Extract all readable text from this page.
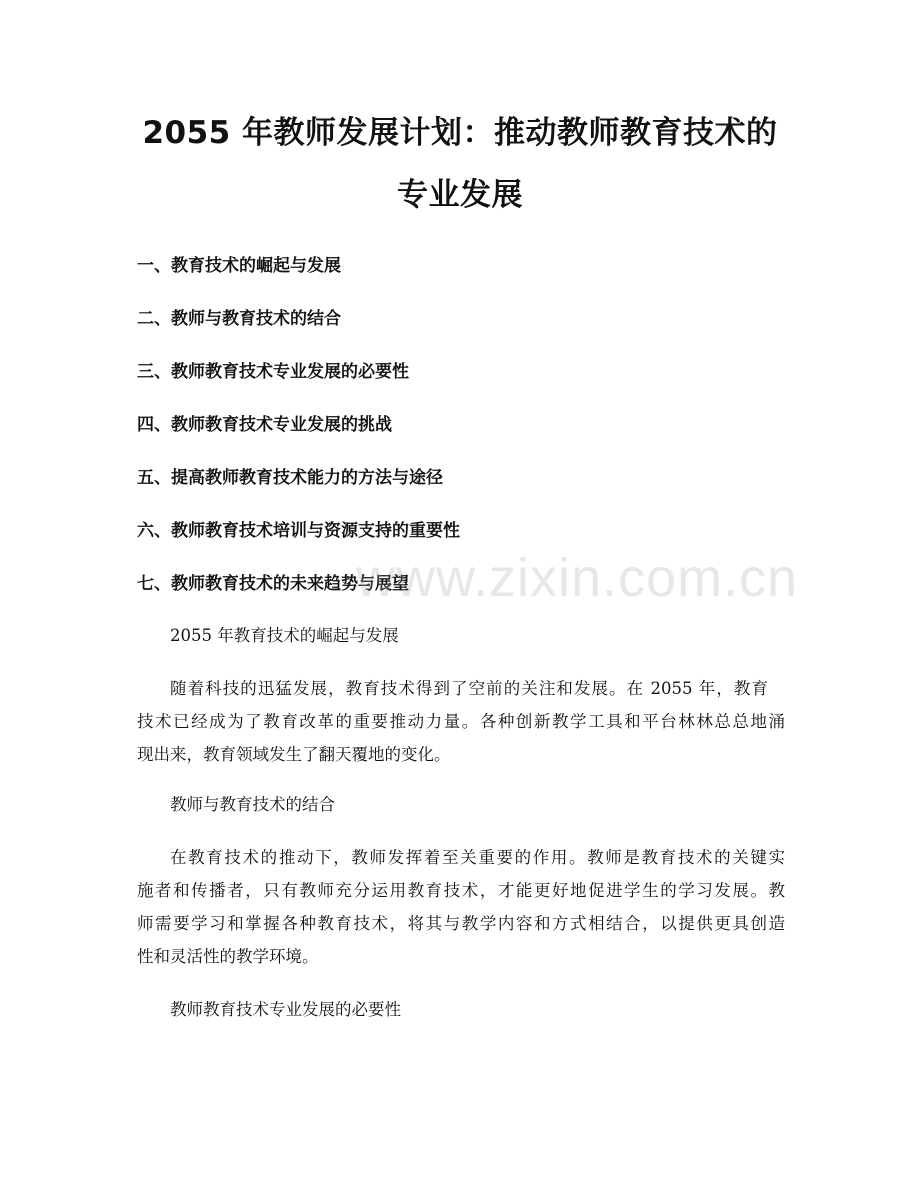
2055 年教师发展计划：推动教师教育技术的
专业发展
一、教育技术的崛起与发展
二、教师与教育技术的结合
三、教师教育技术专业发展的必要性
四、教师教育技术专业发展的挑战
五、提高教师教育技术能力的方法与途径
六、教师教育技术培训与资源支持的重要性
七、教师教育技术的未来趋势与展望
2055 年教育技术的崛起与发展
随着科技的迅猛发展，教育技术得到了空前的关注和发展。在 2055 年，教育
技术已经成为了教育改革的重要推动力量。各种创新教学工具和平台林林总总地涌
现出来，教育领域发生了翻天覆地的变化。
教师与教育技术的结合
在教育技术的推动下，教师发挥着至关重要的作用。教师是教育技术的关键实
施者和传播者，只有教师充分运用教育技术，才能更好地促进学生的学习发展。教
师需要学习和掌握各种教育技术，将其与教学内容和方式相结合，以提供更具创造
性和灵活性的教学环境。
教师教育技术专业发展的必要性
www.zixin.com.cn
